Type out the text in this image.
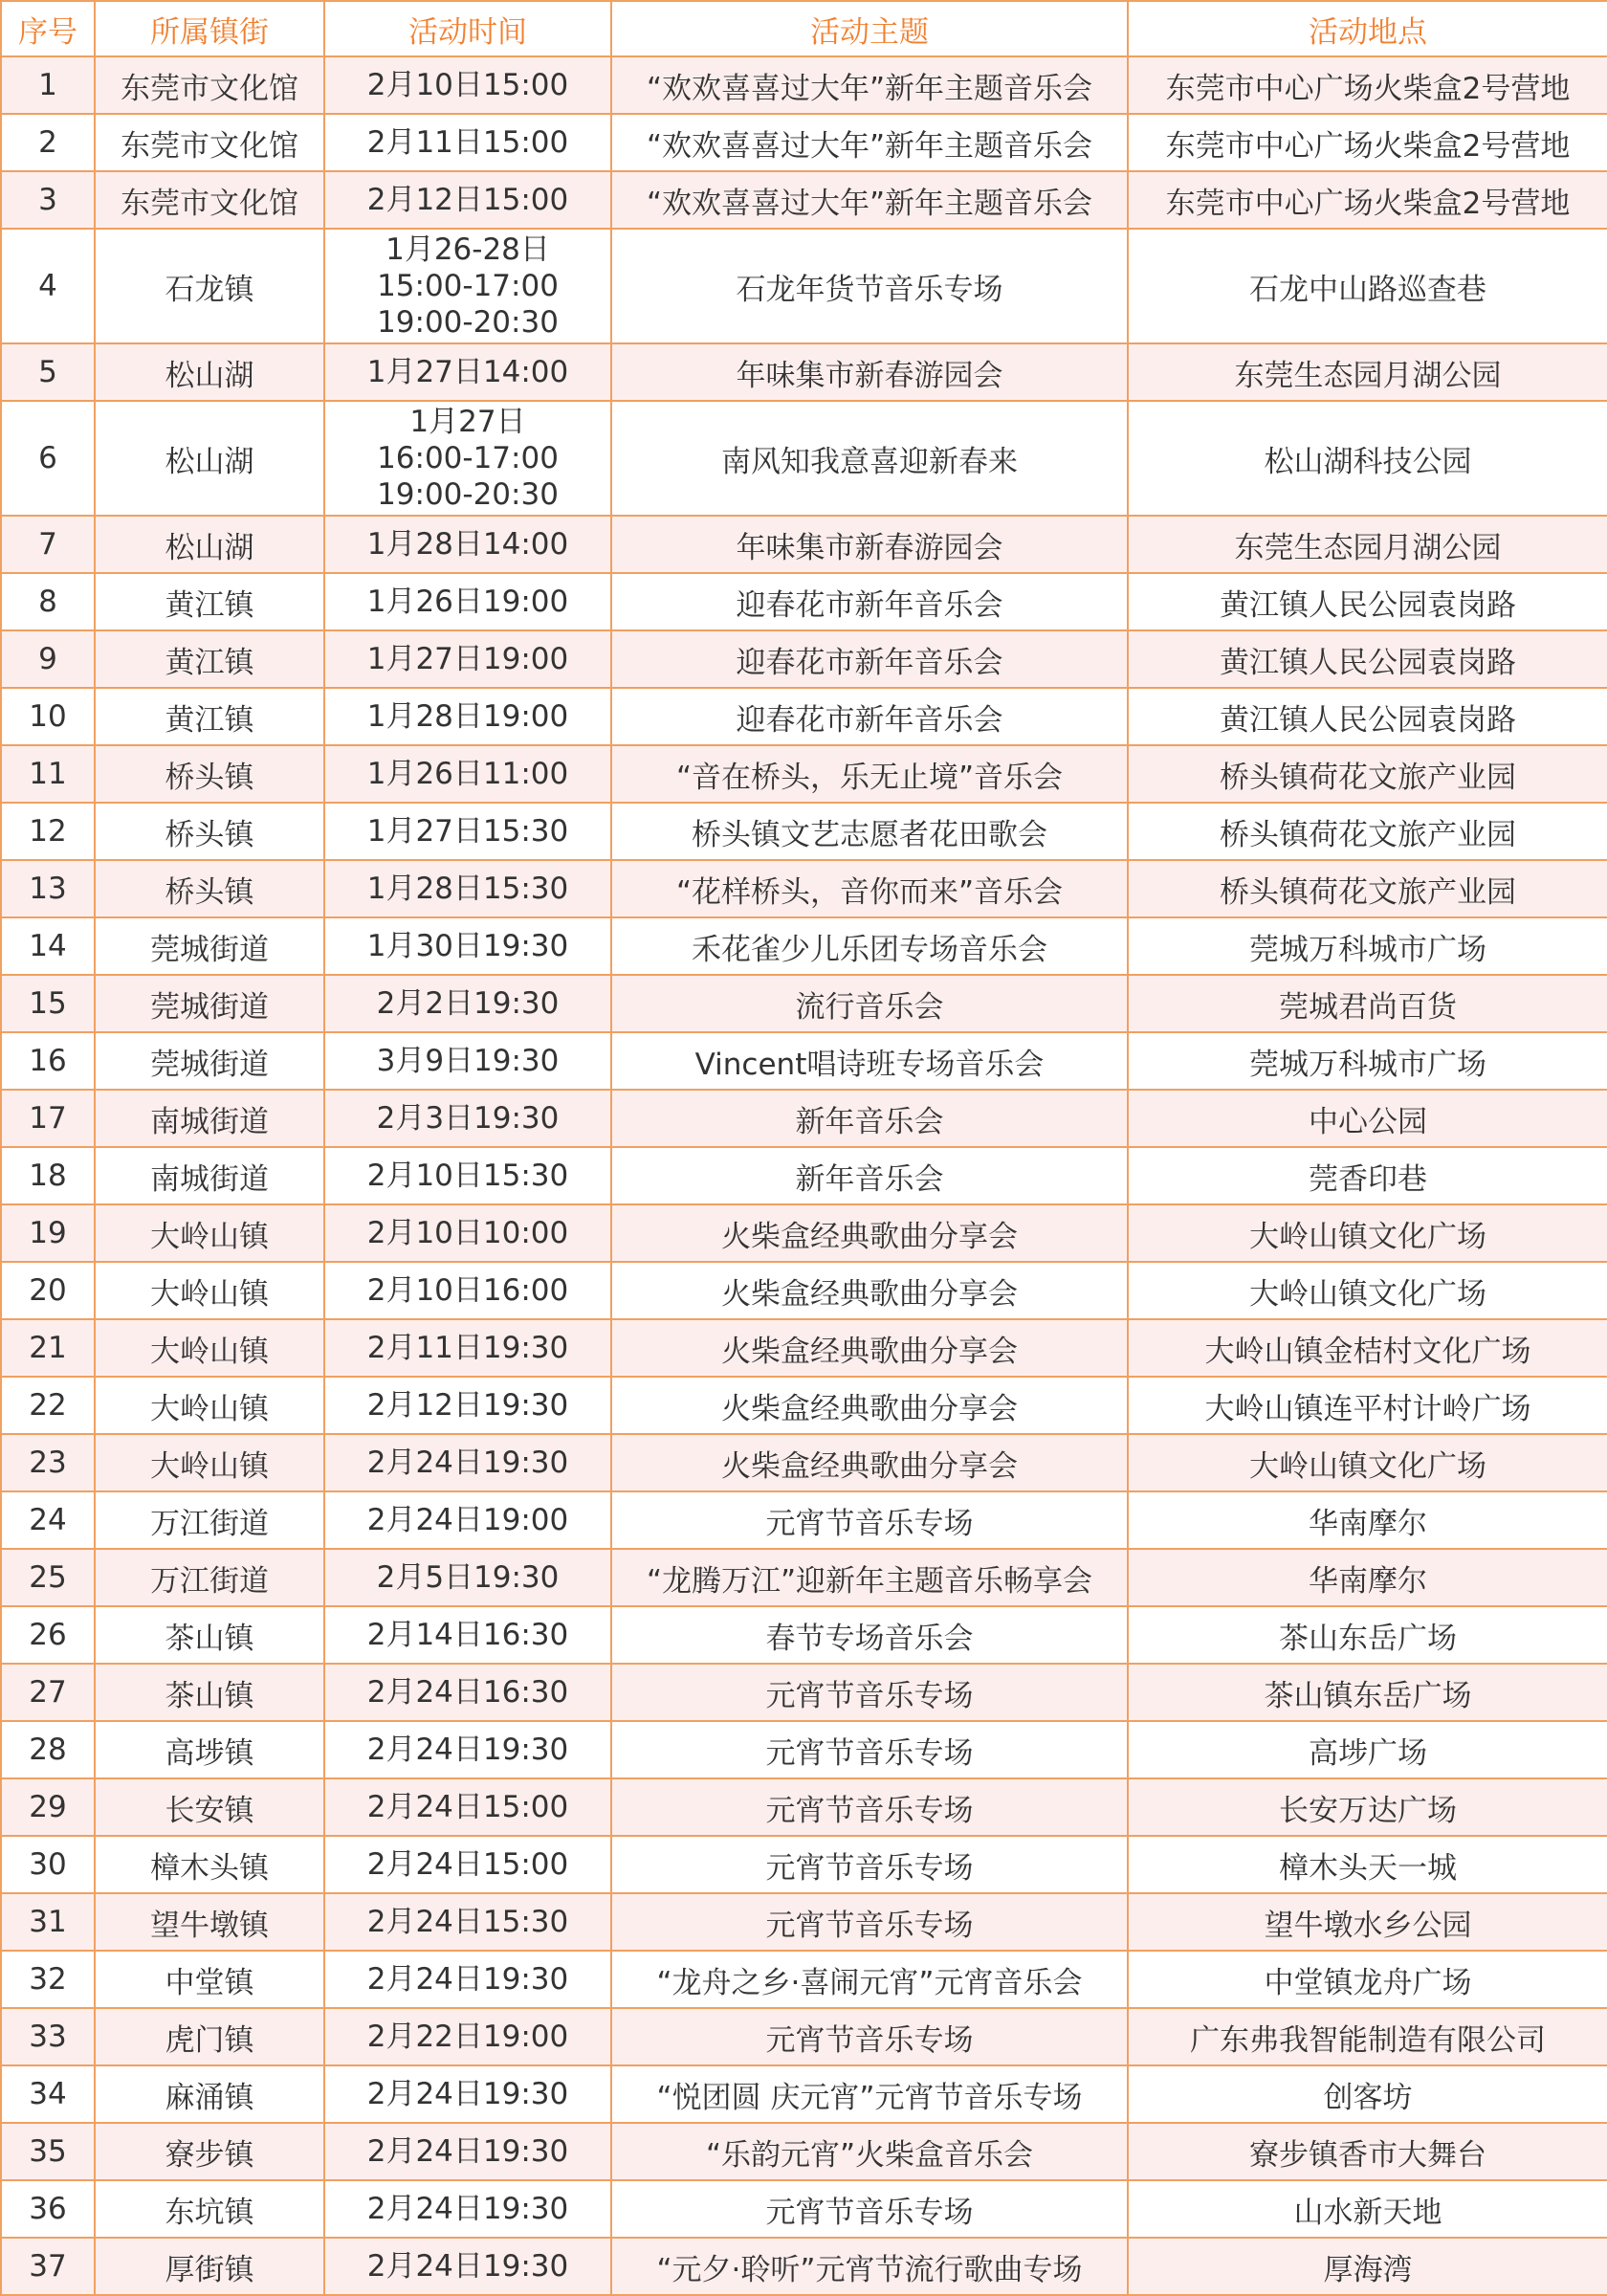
序号	所属镇街	活动时间	活动主题	活动地点
1	东莞市文化馆	2月10日15:00	“欢欢喜喜过大年”新年主题音乐会	东莞市中心广场火柴盒2号营地
2	东莞市文化馆	2月11日15:00	“欢欢喜喜过大年”新年主题音乐会	东莞市中心广场火柴盒2号营地
3	东莞市文化馆	2月12日15:00	“欢欢喜喜过大年”新年主题音乐会	东莞市中心广场火柴盒2号营地
4	石龙镇	1月26-28日
15:00-17:00
19:00-20:30	石龙年货节音乐专场	石龙中山路巡查巷
5	松山湖	1月27日14:00	年味集市新春游园会	东莞生态园月湖公园
6	松山湖	1月27日
16:00-17:00
19:00-20:30	南风知我意喜迎新春来	松山湖科技公园
7	松山湖	1月28日14:00	年味集市新春游园会	东莞生态园月湖公园
8	黄江镇	1月26日19:00	迎春花市新年音乐会	黄江镇人民公园袁岗路
9	黄江镇	1月27日19:00	迎春花市新年音乐会	黄江镇人民公园袁岗路
10	黄江镇	1月28日19:00	迎春花市新年音乐会	黄江镇人民公园袁岗路
11	桥头镇	1月26日11:00	“音在桥头，乐无止境”音乐会	桥头镇荷花文旅产业园
12	桥头镇	1月27日15:30	桥头镇文艺志愿者花田歌会	桥头镇荷花文旅产业园
13	桥头镇	1月28日15:30	“花样桥头，音你而来”音乐会	桥头镇荷花文旅产业园
14	莞城街道	1月30日19:30	禾花雀少儿乐团专场音乐会	莞城万科城市广场
15	莞城街道	2月2日19:30	流行音乐会	莞城君尚百货
16	莞城街道	3月9日19:30	Vincent唱诗班专场音乐会	莞城万科城市广场
17	南城街道	2月3日19:30	新年音乐会	中心公园
18	南城街道	2月10日15:30	新年音乐会	莞香印巷
19	大岭山镇	2月10日10:00	火柴盒经典歌曲分享会	大岭山镇文化广场
20	大岭山镇	2月10日16:00	火柴盒经典歌曲分享会	大岭山镇文化广场
21	大岭山镇	2月11日19:30	火柴盒经典歌曲分享会	大岭山镇金桔村文化广场
22	大岭山镇	2月12日19:30	火柴盒经典歌曲分享会	大岭山镇连平村计岭广场
23	大岭山镇	2月24日19:30	火柴盒经典歌曲分享会	大岭山镇文化广场
24	万江街道	2月24日19:00	元宵节音乐专场	华南摩尔
25	万江街道	2月5日19:30	“龙腾万江”迎新年主题音乐畅享会	华南摩尔
26	茶山镇	2月14日16:30	春节专场音乐会	茶山东岳广场
27	茶山镇	2月24日16:30	元宵节音乐专场	茶山镇东岳广场
28	高埗镇	2月24日19:30	元宵节音乐专场	高埗广场
29	长安镇	2月24日15:00	元宵节音乐专场	长安万达广场
30	樟木头镇	2月24日15:00	元宵节音乐专场	樟木头天一城
31	望牛墩镇	2月24日15:30	元宵节音乐专场	望牛墩水乡公园
32	中堂镇	2月24日19:30	“龙舟之乡·喜闹元宵”元宵音乐会	中堂镇龙舟广场
33	虎门镇	2月22日19:00	元宵节音乐专场	广东弗我智能制造有限公司
34	麻涌镇	2月24日19:30	“悦团圆 庆元宵”元宵节音乐专场	创客坊
35	寮步镇	2月24日19:30	“乐韵元宵”火柴盒音乐会	寮步镇香市大舞台
36	东坑镇	2月24日19:30	元宵节音乐专场	山水新天地
37	厚街镇	2月24日19:30	“元夕·聆听”元宵节流行歌曲专场	厚海湾
